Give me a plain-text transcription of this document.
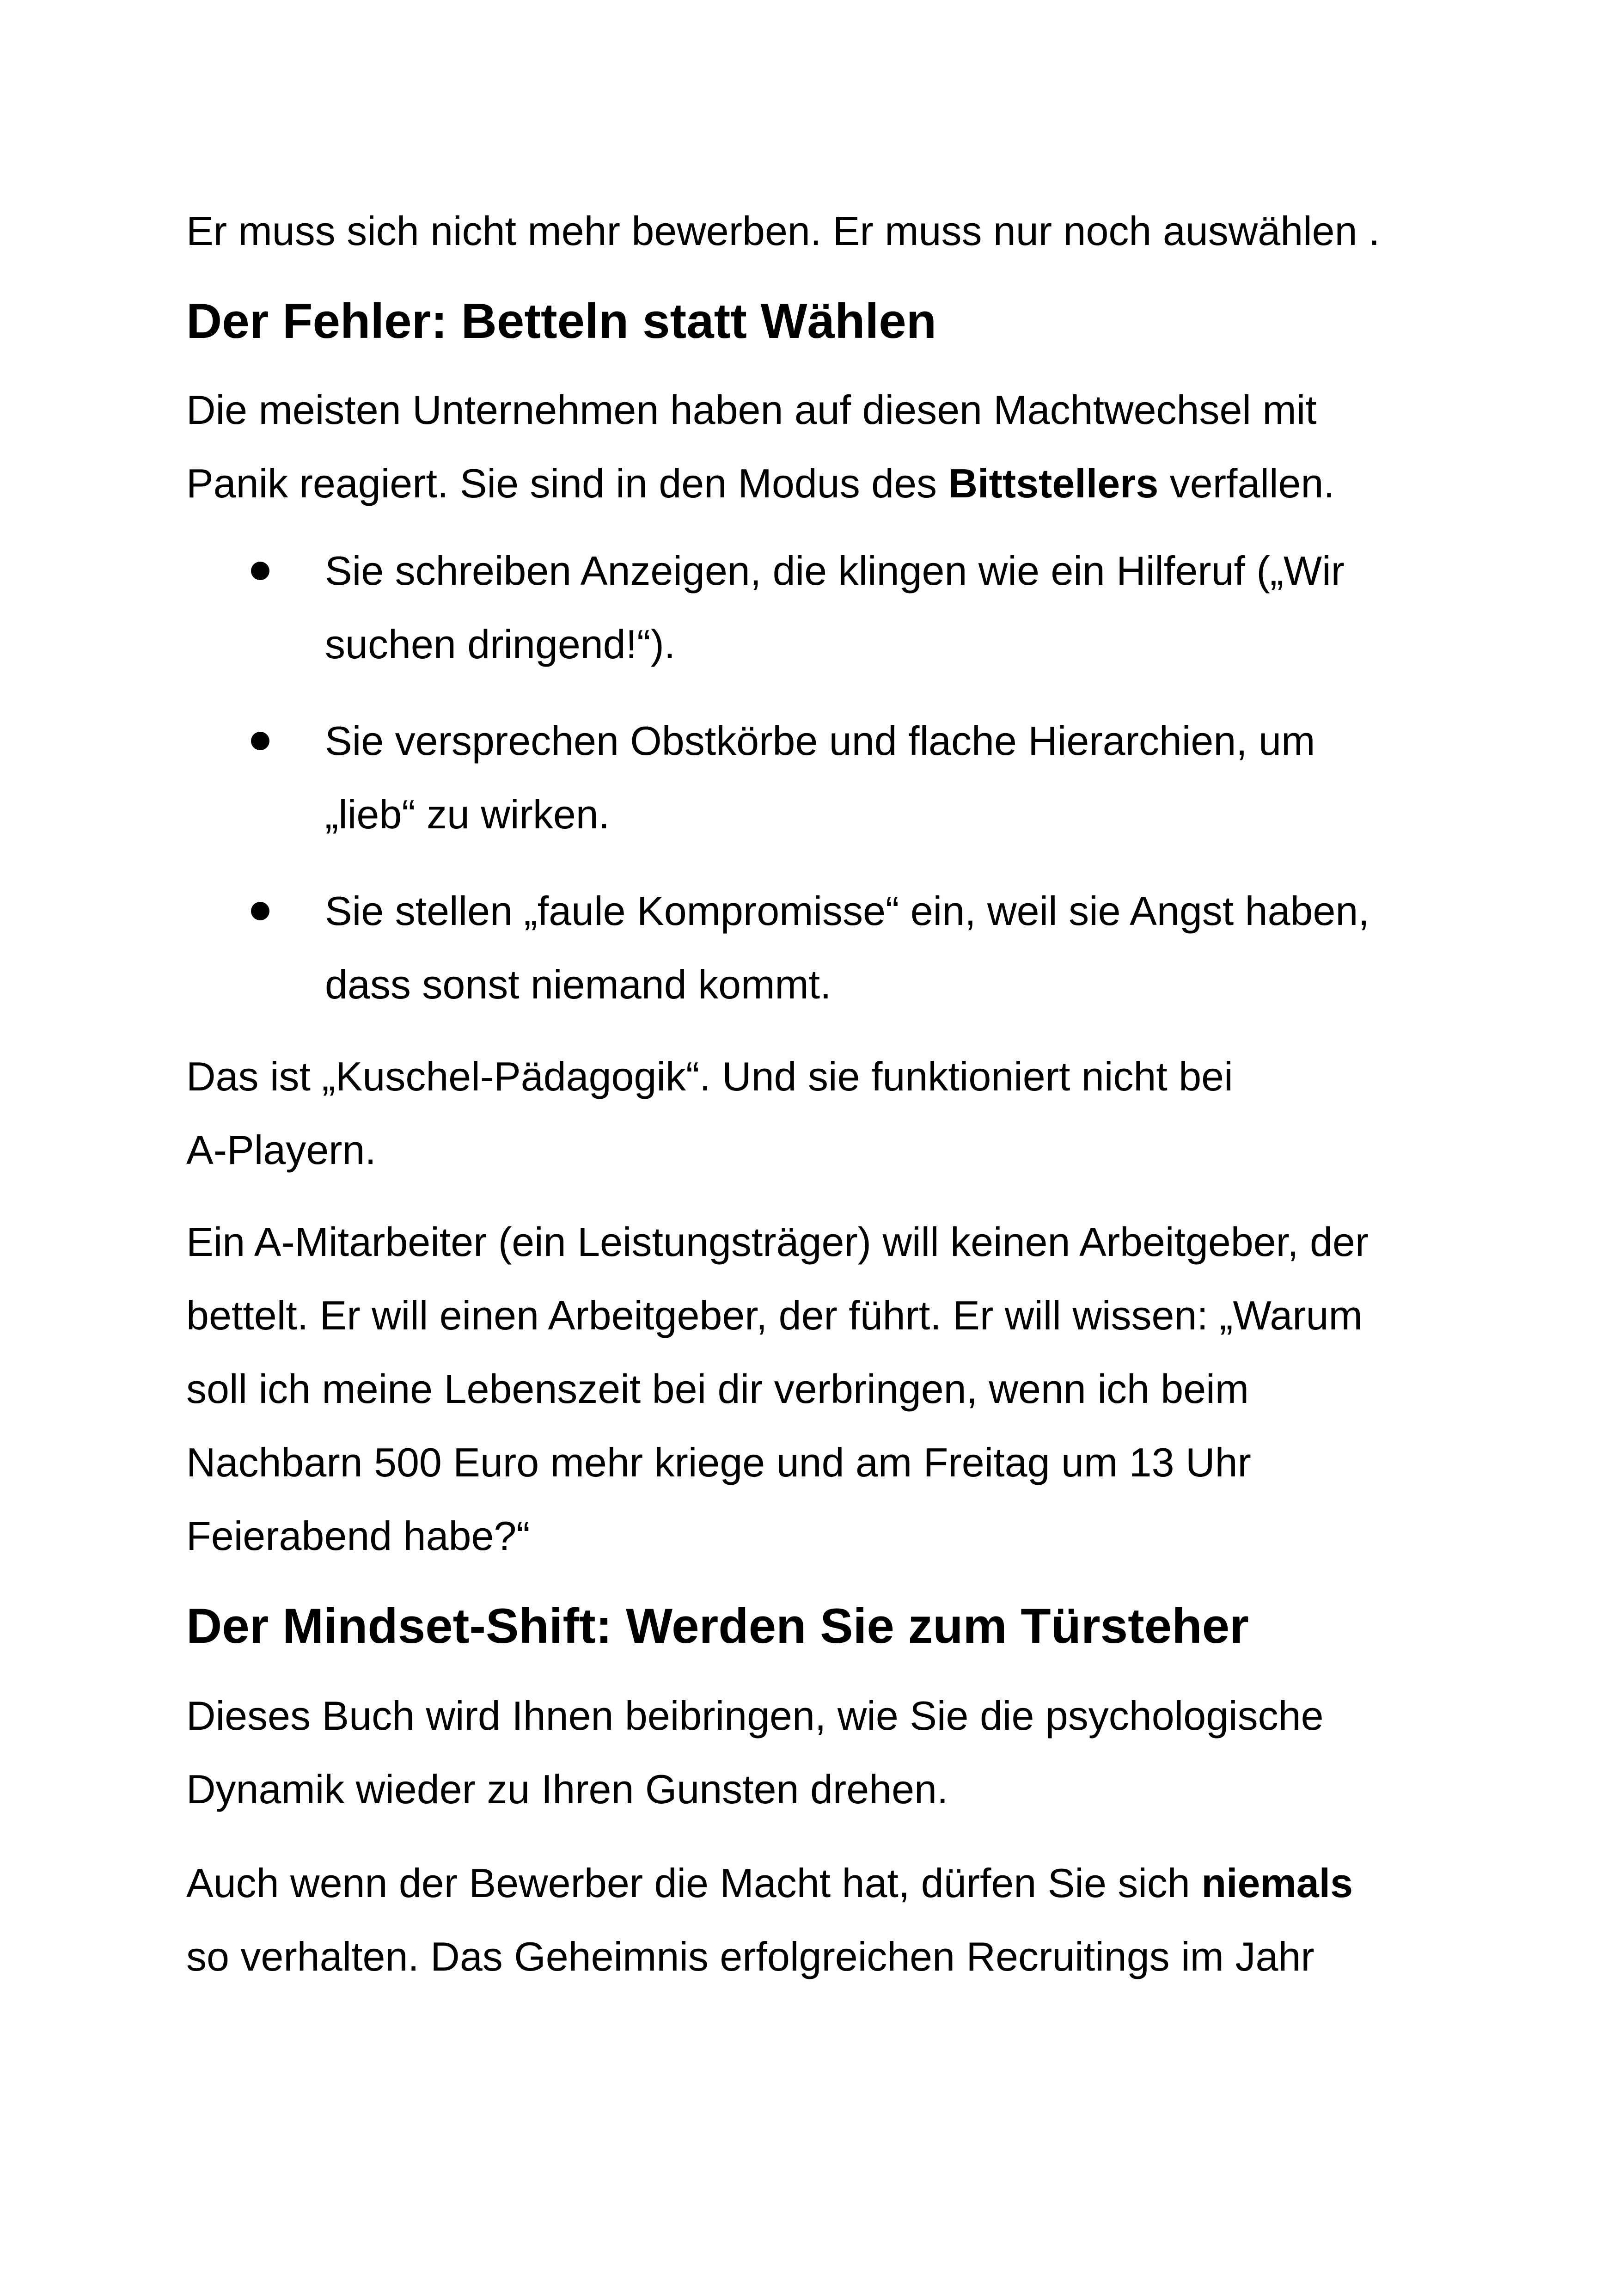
Er muss sich nicht mehr bewerben. Er muss nur noch auswählen .

Der Fehler: Betteln statt Wählen
Die meisten Unternehmen haben auf diesen Machtwechsel mit
Panik reagiert. Sie sind in den Modus des Bittstellers verfallen.
Sie schreiben Anzeigen, die klingen wie ein Hilferuf („Wir
suchen dringend!“).
Sie versprechen Obstkörbe und flache Hierarchien, um
„lieb“ zu wirken.
Sie stellen „faule Kompromisse“ ein, weil sie Angst haben,
dass sonst niemand kommt.
Das ist „Kuschel-Pädagogik“. Und sie funktioniert nicht bei
A-Playern.
Ein A-Mitarbeiter (ein Leistungsträger) will keinen Arbeitgeber, der
bettelt. Er will einen Arbeitgeber, der führt. Er will wissen: „Warum
soll ich meine Lebenszeit bei dir verbringen, wenn ich beim
Nachbarn 500 Euro mehr kriege und am Freitag um 13 Uhr
Feierabend habe?“
Der Mindset-Shift: Werden Sie zum Türsteher
Dieses Buch wird Ihnen beibringen, wie Sie die psychologische
Dynamik wieder zu Ihren Gunsten drehen.
Auch wenn der Bewerber die Macht hat, dürfen Sie sich niemals
so verhalten. Das Geheimnis erfolgreichen Recruitings im Jahr
